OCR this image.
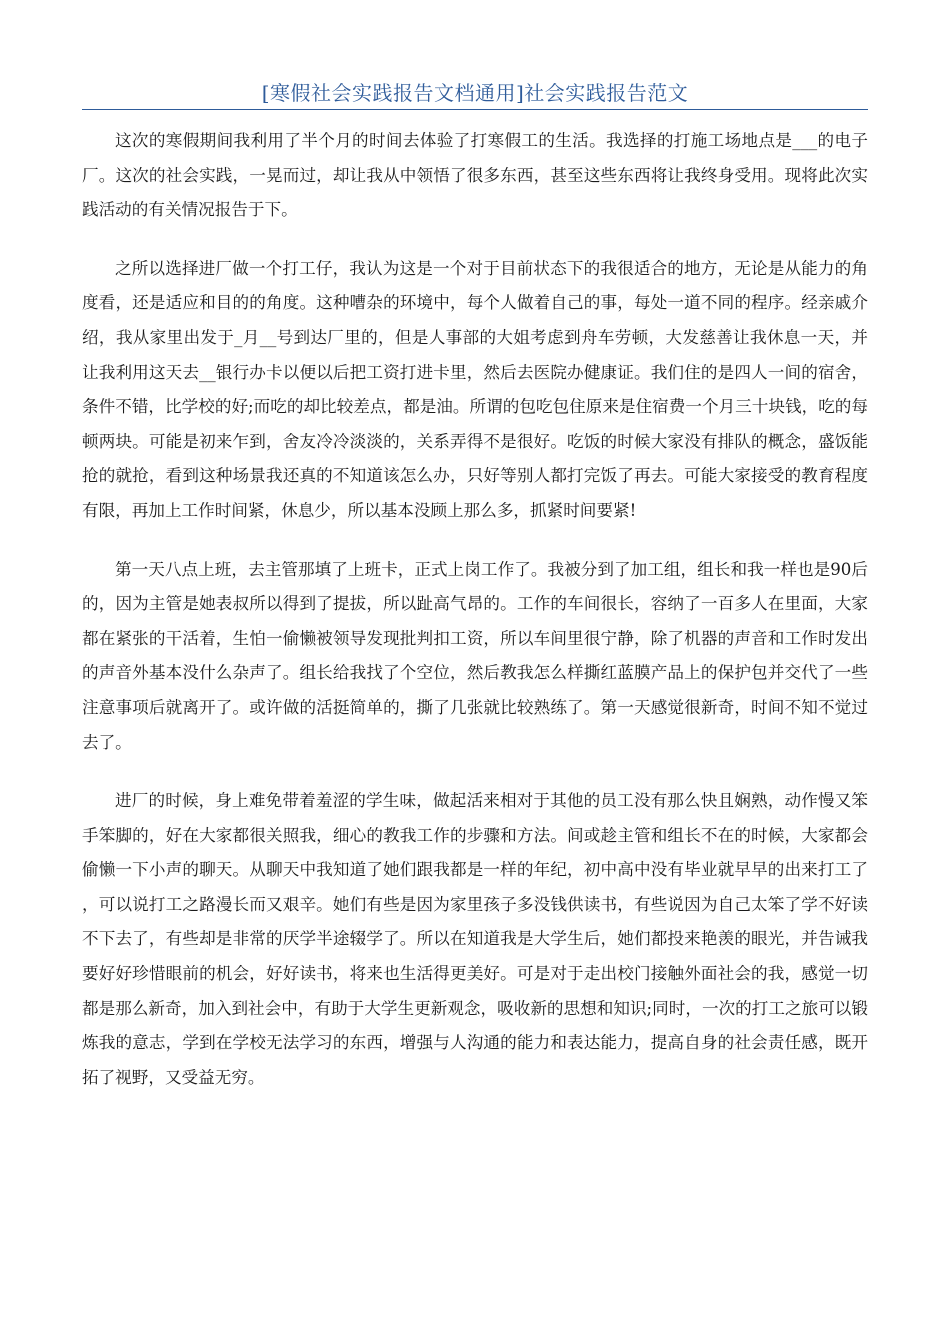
[寒假社会实践报告文档通用]社会实践报告范文

这次的寒假期间我利用了半个月的时间去体验了打寒假工的生活。我选择的打施工场地点是___的电子厂。这次的社会实践，一晃而过，却让我从中领悟了很多东西，甚至这些东西将让我终身受用。现将此次实践活动的有关情况报告于下。

之所以选择进厂做一个打工仔，我认为这是一个对于目前状态下的我很适合的地方，无论是从能力的角度看，还是适应和目的的角度。这种嘈杂的环境中，每个人做着自己的事，每处一道不同的程序。经亲戚介绍，我从家里出发于_月__号到达厂里的，但是人事部的大姐考虑到舟车劳顿，大发慈善让我休息一天，并让我利用这天去__银行办卡以便以后把工资打进卡里，然后去医院办健康证。我们住的是四人一间的宿舍，条件不错，比学校的好;而吃的却比较差点，都是油。所谓的包吃包住原来是住宿费一个月三十块钱，吃的每顿两块。可能是初来乍到，舍友冷冷淡淡的，关系弄得不是很好。吃饭的时候大家没有排队的概念，盛饭能抢的就抢，看到这种场景我还真的不知道该怎么办，只好等别人都打完饭了再去。可能大家接受的教育程度有限，再加上工作时间紧，休息少，所以基本没顾上那么多，抓紧时间要紧!

第一天八点上班，去主管那填了上班卡，正式上岗工作了。我被分到了加工组，组长和我一样也是90后的，因为主管是她表叔所以得到了提拔，所以趾高气昂的。工作的车间很长，容纳了一百多人在里面，大家都在紧张的干活着，生怕一偷懒被领导发现批判扣工资，所以车间里很宁静，除了机器的声音和工作时发出的声音外基本没什么杂声了。组长给我找了个空位，然后教我怎么样撕红蓝膜产品上的保护包并交代了一些注意事项后就离开了。或许做的活挺简单的，撕了几张就比较熟练了。第一天感觉很新奇，时间不知不觉过去了。

进厂的时候，身上难免带着羞涩的学生味，做起活来相对于其他的员工没有那么快且娴熟，动作慢又笨手笨脚的，好在大家都很关照我，细心的教我工作的步骤和方法。间或趁主管和组长不在的时候，大家都会偷懒一下小声的聊天。从聊天中我知道了她们跟我都是一样的年纪，初中高中没有毕业就早早的出来打工了，可以说打工之路漫长而又艰辛。她们有些是因为家里孩子多没钱供读书，有些说因为自己太笨了学不好读不下去了，有些却是非常的厌学半途辍学了。所以在知道我是大学生后，她们都投来艳羡的眼光，并告诫我要好好珍惜眼前的机会，好好读书，将来也生活得更美好。可是对于走出校门接触外面社会的我，感觉一切都是那么新奇，加入到社会中，有助于大学生更新观念，吸收新的思想和知识;同时，一次的打工之旅可以锻炼我的意志，学到在学校无法学习的东西，增强与人沟通的能力和表达能力，提高自身的社会责任感，既开拓了视野，又受益无穷。
